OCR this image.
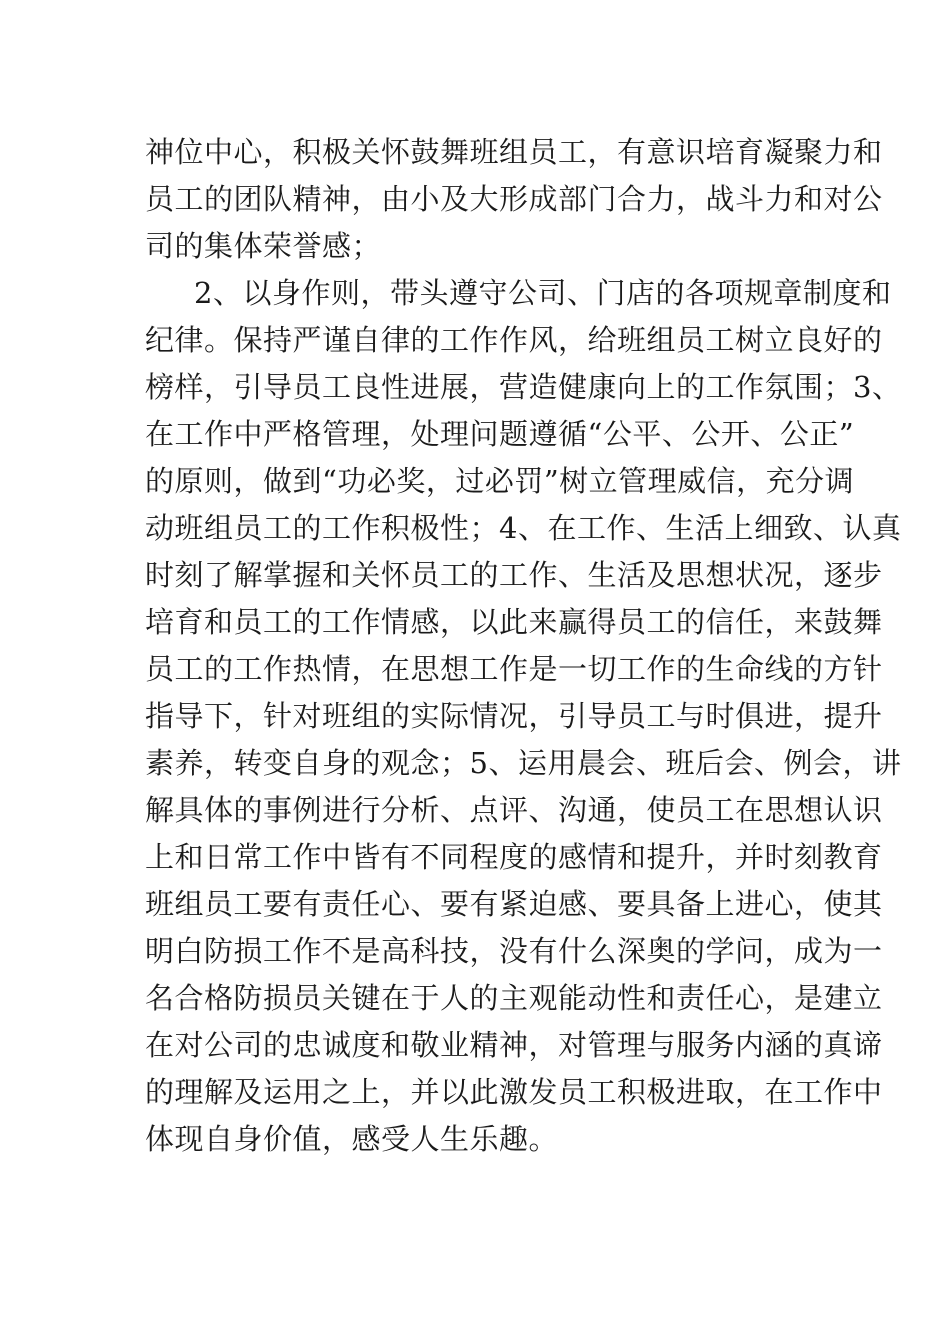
神位中心，积极关怀鼓舞班组员工，有意识培育凝聚力和
员工的团队精神，由小及大形成部门合力，战斗力和对公
司的集体荣誉感；
2、以身作则，带头遵守公司、门店的各项规章制度和
纪律。保持严谨自律的工作作风，给班组员工树立良好的
榜样，引导员工良性进展，营造健康向上的工作氛围；3、
在工作中严格管理，处理问题遵循“公平、公开、公正”
的原则，做到“功必奖，过必罚”树立管理威信，充分调
动班组员工的工作积极性；4、在工作、生活上细致、认真
时刻了解掌握和关怀员工的工作、生活及思想状况，逐步
培育和员工的工作情感，以此来赢得员工的信任，来鼓舞
员工的工作热情，在思想工作是一切工作的生命线的方针
指导下，针对班组的实际情况，引导员工与时俱进，提升
素养，转变自身的观念；5、运用晨会、班后会、例会，讲
解具体的事例进行分析、点评、沟通，使员工在思想认识
上和日常工作中皆有不同程度的感情和提升，并时刻教育
班组员工要有责任心、要有紧迫感、要具备上进心，使其
明白防损工作不是高科技，没有什么深奥的学问，成为一
名合格防损员关键在于人的主观能动性和责任心，是建立
在对公司的忠诚度和敬业精神，对管理与服务内涵的真谛
的理解及运用之上，并以此激发员工积极进取，在工作中
体现自身价值，感受人生乐趣。
